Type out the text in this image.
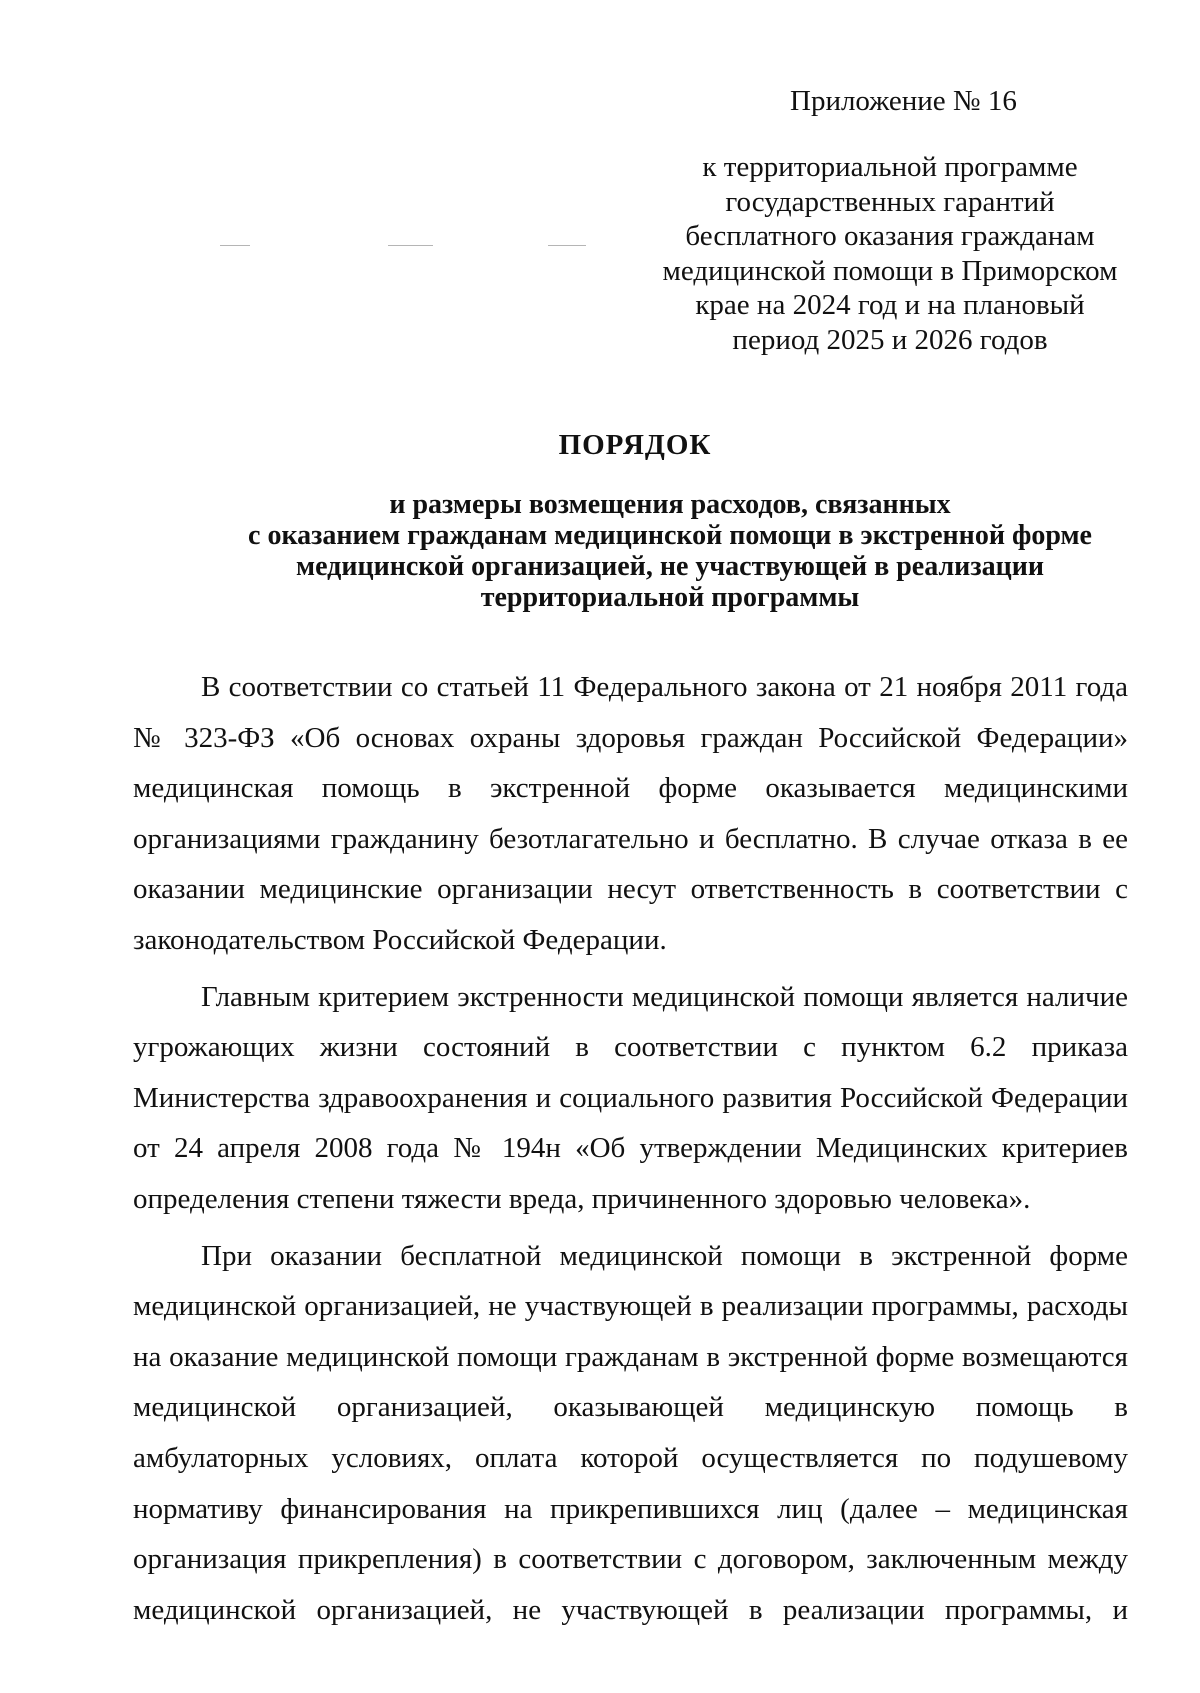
Приложение № 16
к территориальной программе
государственных гарантий
бесплатного оказания гражданам
медицинской помощи в Приморском
крае на 2024 год и на плановый
период 2025 и 2026 годов
ПОРЯДОК
и размеры возмещения расходов, связанных
с оказанием гражданам медицинской помощи в экстренной форме
медицинской организацией, не участвующей в реализации
территориальной программы
В соответствии со статьей 11 Федерального закона от 21 ноября 2011 года
№ 323-ФЗ «Об основах охраны здоровья граждан Российской Федерации»
медицинская помощь в экстренной форме оказывается медицинскими
организациями гражданину безотлагательно и бесплатно. В случае отказа в ее
оказании медицинские организации несут ответственность в соответствии с
законодательством Российской Федерации.
Главным критерием экстренности медицинской помощи является наличие
угрожающих жизни состояний в соответствии с пунктом 6.2 приказа
Министерства здравоохранения и социального развития Российской Федерации
от 24 апреля 2008 года № 194н «Об утверждении Медицинских критериев
определения степени тяжести вреда, причиненного здоровью человека».
При оказании бесплатной медицинской помощи в экстренной форме
медицинской организацией, не участвующей в реализации программы, расходы
на оказание медицинской помощи гражданам в экстренной форме возмещаются
медицинской организацией, оказывающей медицинскую помощь в
амбулаторных условиях, оплата которой осуществляется по подушевому
нормативу финансирования на прикрепившихся лиц (далее – медицинская
организация прикрепления) в соответствии с договором, заключенным между
медицинской организацией, не участвующей в реализации программы, и
